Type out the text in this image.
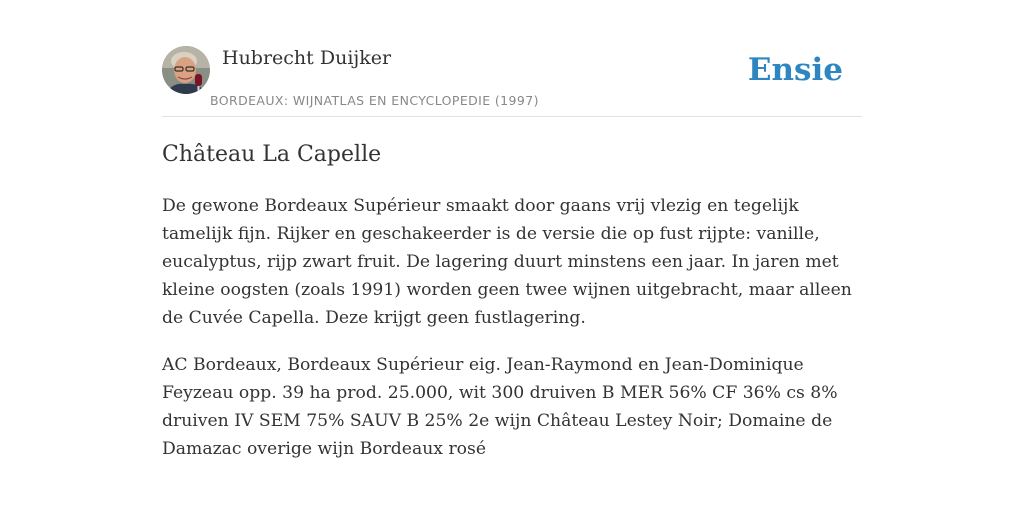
Hubrecht Duijker
BORDEAUX: WIJNATLAS EN ENCYCLOPEDIE (1997)
Ensie
Château La Capelle

De gewone Bordeaux Supérieur smaakt door gaans vrij vlezig en tegelijk tamelijk fijn. Rijker en geschakeerder is de versie die op fust rijpte: vanille, eucalyptus, rijp zwart fruit. De lagering duurt minstens een jaar. In jaren met kleine oogsten (zoals 1991) worden geen twee wijnen uitgebracht, maar alleen de Cuvée Capella. Deze krijgt geen fustlagering.

AC Bordeaux, Bordeaux Supérieur eig. Jean-Raymond en Jean-Dominique Feyzeau opp. 39 ha prod. 25.000, wit 300 druiven B MER 56% CF 36% cs 8% druiven IV SEM 75% SAUV B 25% 2e wijn Château Lestey Noir; Domaine de Damazac overige wijn Bordeaux rosé
